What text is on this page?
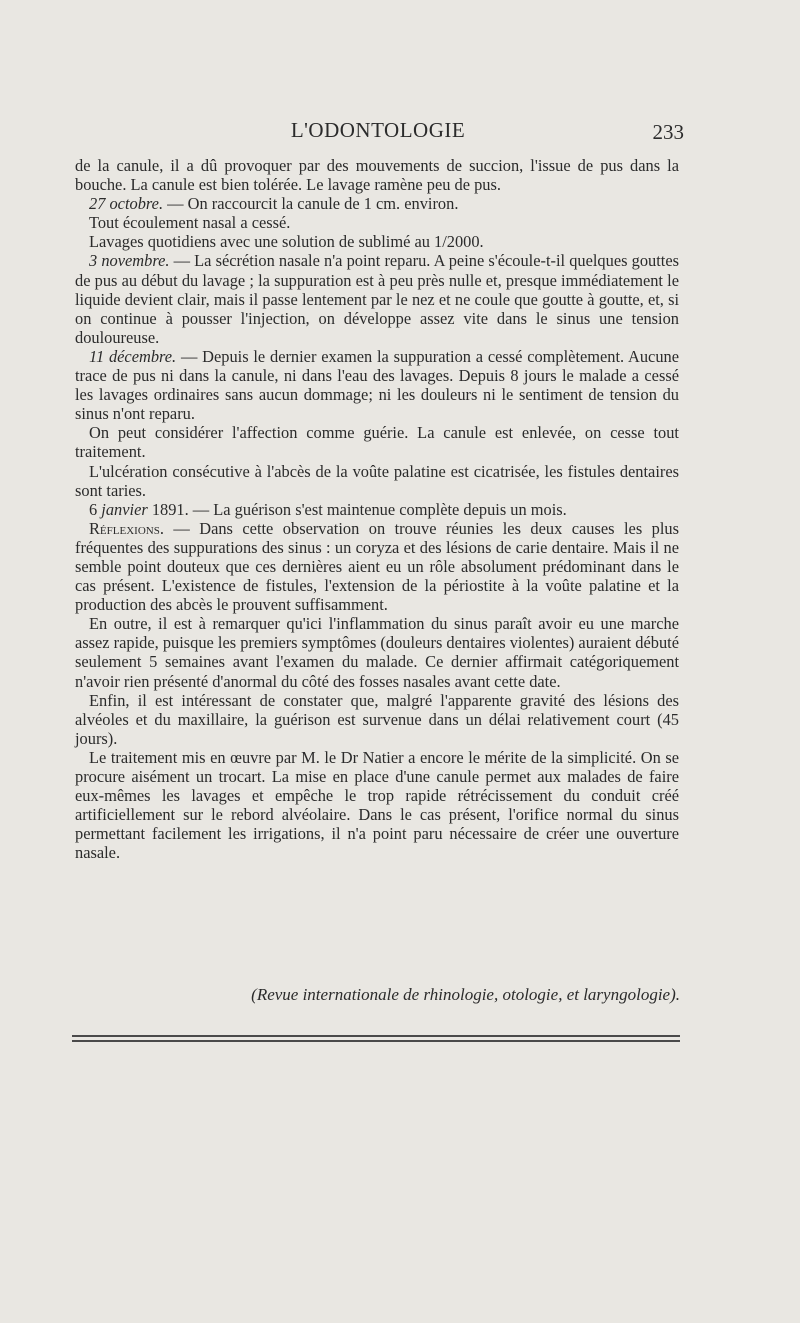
L'ODONTOLOGIE	233

de la canule, il a dû provoquer par des mouvements de succion, l'issue de pus dans la bouche. La canule est bien tolérée. Le lavage ramène peu de pus.

27 octobre. — On raccourcit la canule de 1 cm. environ.

Tout écoulement nasal a cessé.

Lavages quotidiens avec une solution de sublimé au 1/2000.

3 novembre. — La sécrétion nasale n'a point reparu. A peine s'écoule-t-il quelques gouttes de pus au début du lavage ; la suppuration est à peu près nulle et, presque immédiatement le liquide devient clair, mais il passe lentement par le nez et ne coule que goutte à goutte, et, si on continue à pousser l'injection, on développe assez vite dans le sinus une tension douloureuse.

11 décembre. — Depuis le dernier examen la suppuration a cessé complètement. Aucune trace de pus ni dans la canule, ni dans l'eau des lavages. Depuis 8 jours le malade a cessé les lavages ordinaires sans aucun dommage; ni les douleurs ni le sentiment de tension du sinus n'ont reparu.

On peut considérer l'affection comme guérie. La canule est enlevée, on cesse tout traitement.

L'ulcération consécutive à l'abcès de la voûte palatine est cicatrisée, les fistules dentaires sont taries.

6 janvier 1891. — La guérison s'est maintenue complète depuis un mois.

Réflexions. — Dans cette observation on trouve réunies les deux causes les plus fréquentes des suppurations des sinus : un coryza et des lésions de carie dentaire. Mais il ne semble point douteux que ces dernières aient eu un rôle absolument prédominant dans le cas présent. L'existence de fistules, l'extension de la périostite à la voûte palatine et la production des abcès le prouvent suffisamment.

En outre, il est à remarquer qu'ici l'inflammation du sinus paraît avoir eu une marche assez rapide, puisque les premiers symptômes (douleurs dentaires violentes) auraient débuté seulement 5 semaines avant l'examen du malade. Ce dernier affirmait catégoriquement n'avoir rien présenté d'anormal du côté des fosses nasales avant cette date.

Enfin, il est intéressant de constater que, malgré l'apparente gravité des lésions des alvéoles et du maxillaire, la guérison est survenue dans un délai relativement court (45 jours).

Le traitement mis en œuvre par M. le Dr Natier a encore le mérite de la simplicité. On se procure aisément un trocart. La mise en place d'une canule permet aux malades de faire eux-mêmes les lavages et empêche le trop rapide rétrécissement du conduit créé artificiellement sur le rebord alvéolaire. Dans le cas présent, l'orifice normal du sinus permettant facilement les irrigations, il n'a point paru nécessaire de créer une ouverture nasale.

(Revue internationale de rhinologie, otologie, et laryngologie).
